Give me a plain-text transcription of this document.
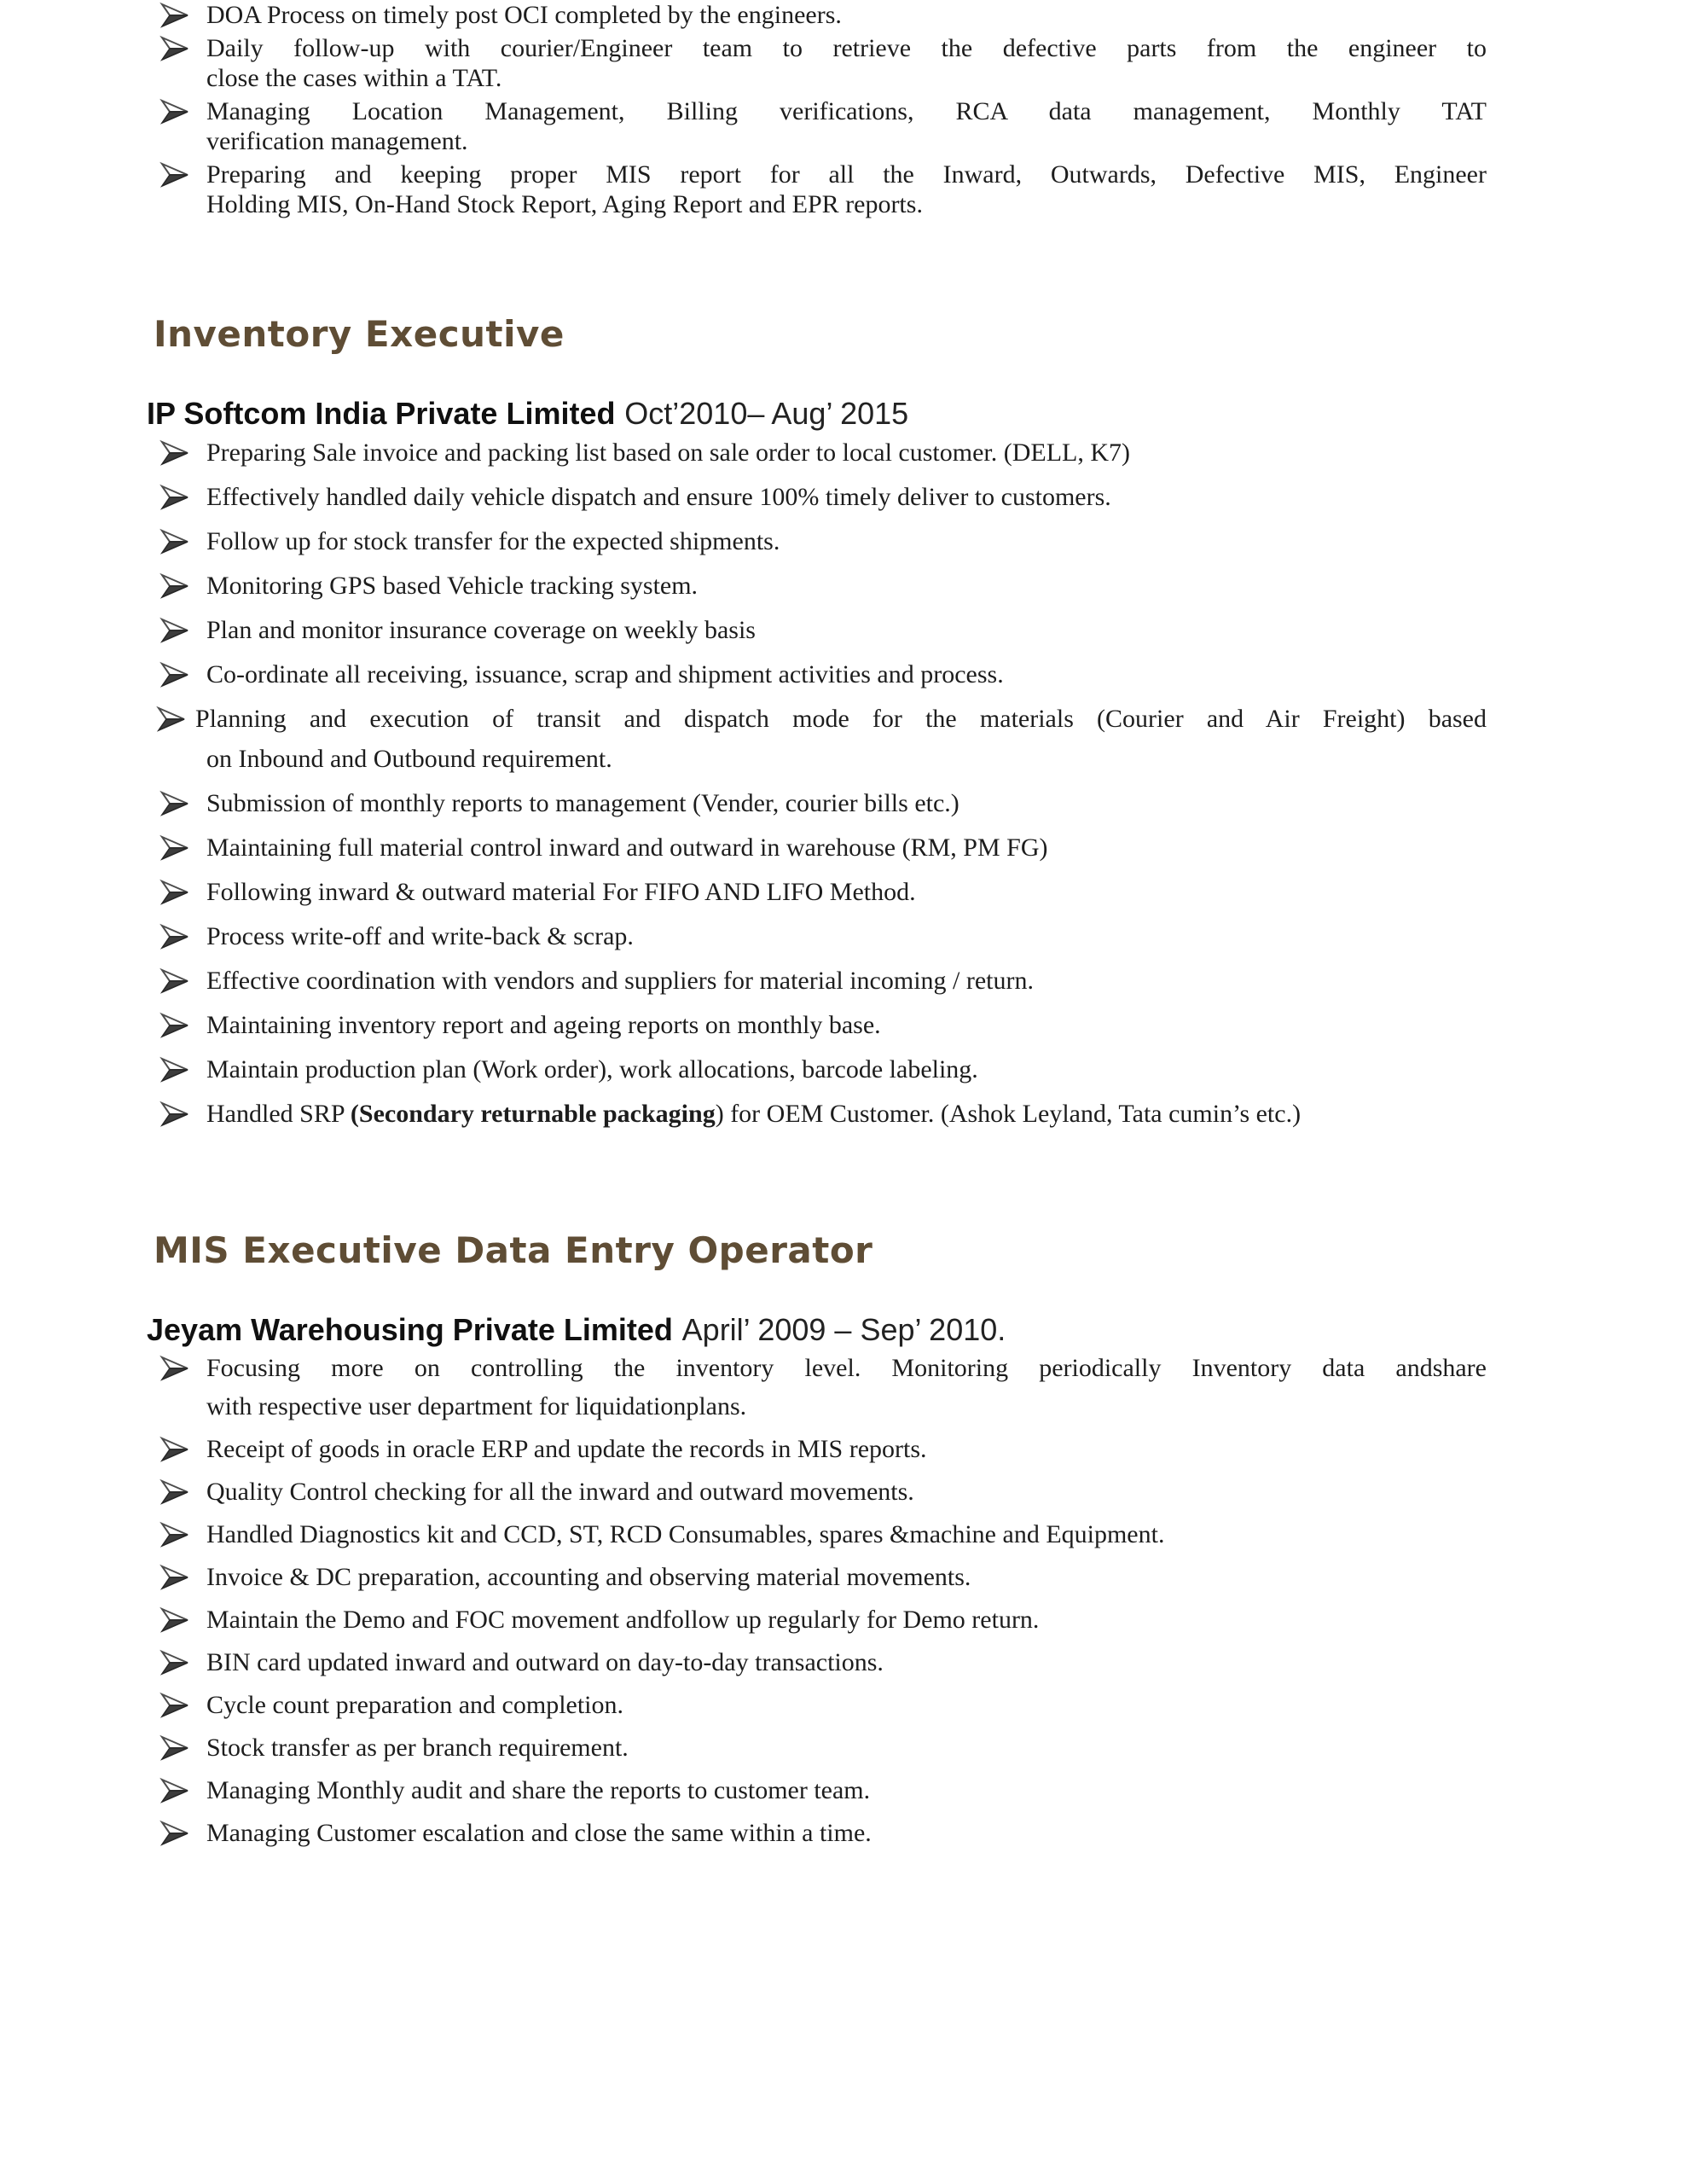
DOA Process on timely post OCI completed by the engineers.
Daily follow-up with courier/Engineer team to retrieve the defective parts from the engineer to
close the cases within a TAT.
Managing Location Management, Billing verifications, RCA data management, Monthly TAT
verification management.
Preparing and keeping proper MIS report for all the Inward, Outwards, Defective MIS, Engineer
Holding MIS, On-Hand Stock Report, Aging Report and EPR reports.
Inventory Executive
IP Softcom India Private Limited Oct’2010– Aug’ 2015
Preparing Sale invoice and packing list based on sale order to local customer. (DELL, K7)
Effectively handled daily vehicle dispatch and ensure 100% timely deliver to customers.
Follow up for stock transfer for the expected shipments.
Monitoring GPS based Vehicle tracking system.
Plan and monitor insurance coverage on weekly basis
Co-ordinate all receiving, issuance, scrap and shipment activities and process.
Planning and execution of transit and dispatch mode for the materials (Courier and Air Freight) based
on Inbound and Outbound requirement.
Submission of monthly reports to management (Vender, courier bills etc.)
Maintaining full material control inward and outward in warehouse (RM, PM FG)
Following inward & outward material For FIFO AND LIFO Method.
Process write-off and write-back & scrap.
Effective coordination with vendors and suppliers for material incoming / return.
Maintaining inventory report and ageing reports on monthly base.
Maintain production plan (Work order), work allocations, barcode labeling.
Handled SRP (Secondary returnable packaging) for OEM Customer. (Ashok Leyland, Tata cumin’s etc.)
MIS Executive Data Entry Operator
Jeyam Warehousing Private Limited April’ 2009 – Sep’ 2010.
Focusing more on controlling the inventory level. Monitoring periodically Inventory data andshare
with respective user department for liquidationplans.
Receipt of goods in oracle ERP and update the records in MIS reports.
Quality Control checking for all the inward and outward movements.
Handled Diagnostics kit and CCD, ST, RCD Consumables, spares &machine and Equipment.
Invoice & DC preparation, accounting and observing material movements.
Maintain the Demo and FOC movement andfollow up regularly for Demo return.
BIN card updated inward and outward on day-to-day transactions.
Cycle count preparation and completion.
Stock transfer as per branch requirement.
Managing Monthly audit and share the reports to customer team.
Managing Customer escalation and close the same within a time.
